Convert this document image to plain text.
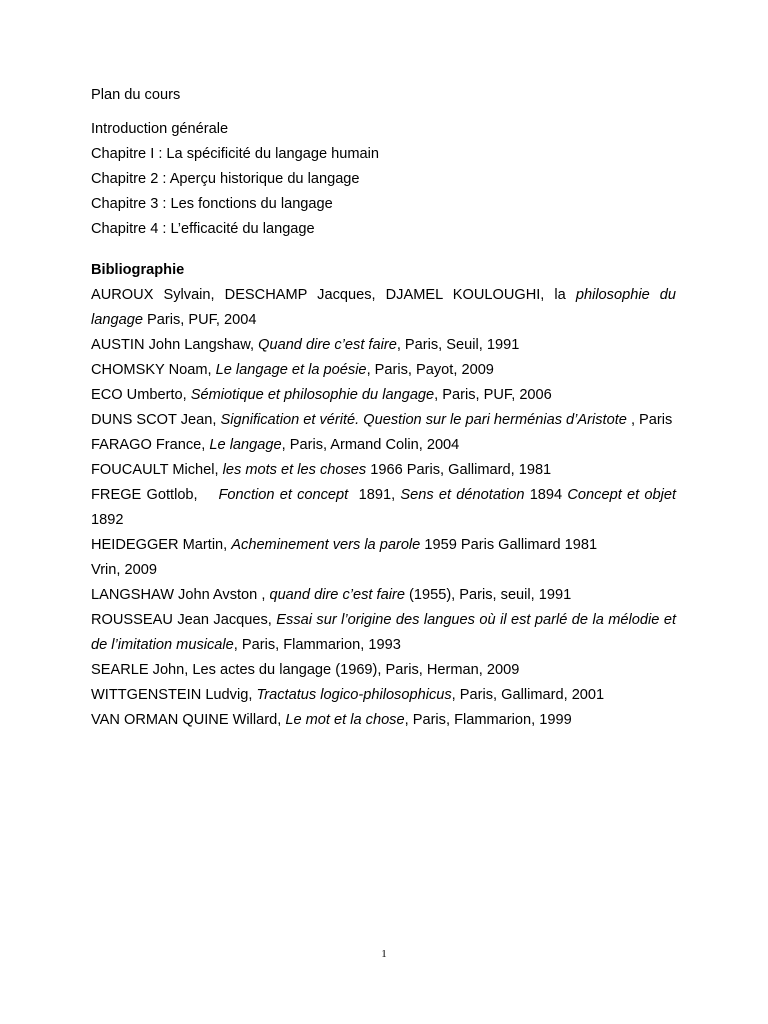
Plan du cours
Introduction générale
Chapitre I : La spécificité du langage humain
Chapitre 2 : Aperçu historique du langage
Chapitre 3 : Les fonctions du langage
Chapitre 4 : L’efficacité du langage
Bibliographie
AUROUX Sylvain, DESCHAMP Jacques, DJAMEL KOULOUGHI, la philosophie du langage Paris, PUF, 2004
AUSTIN John Langshaw, Quand dire c’est faire, Paris, Seuil, 1991
CHOMSKY Noam, Le langage et la poésie, Paris, Payot, 2009
ECO Umberto, Sémiotique et philosophie du langage, Paris, PUF, 2006
DUNS SCOT Jean, Signification et vérité. Question sur le pari herménias d’Aristote , Paris
FARAGO France, Le langage, Paris, Armand Colin, 2004
FOUCAULT Michel, les mots et les choses 1966 Paris, Gallimard, 1981
FREGE Gottlob,    Fonction et concept  1891, Sens et dénotation 1894 Concept et objet 1892
HEIDEGGER Martin, Acheminement vers la parole 1959 Paris Gallimard 1981
Vrin, 2009
LANGSHAW John Avston , quand dire c’est faire (1955), Paris, seuil, 1991
ROUSSEAU Jean Jacques, Essai sur l’origine des langues où il est parlé de la mélodie et de l’imitation musicale, Paris, Flammarion, 1993
SEARLE John, Les actes du langage (1969), Paris, Herman, 2009
WITTGENSTEIN Ludvig, Tractatus logico-philosophicus, Paris, Gallimard, 2001
VAN ORMAN QUINE Willard, Le mot et la chose, Paris, Flammarion, 1999
1
